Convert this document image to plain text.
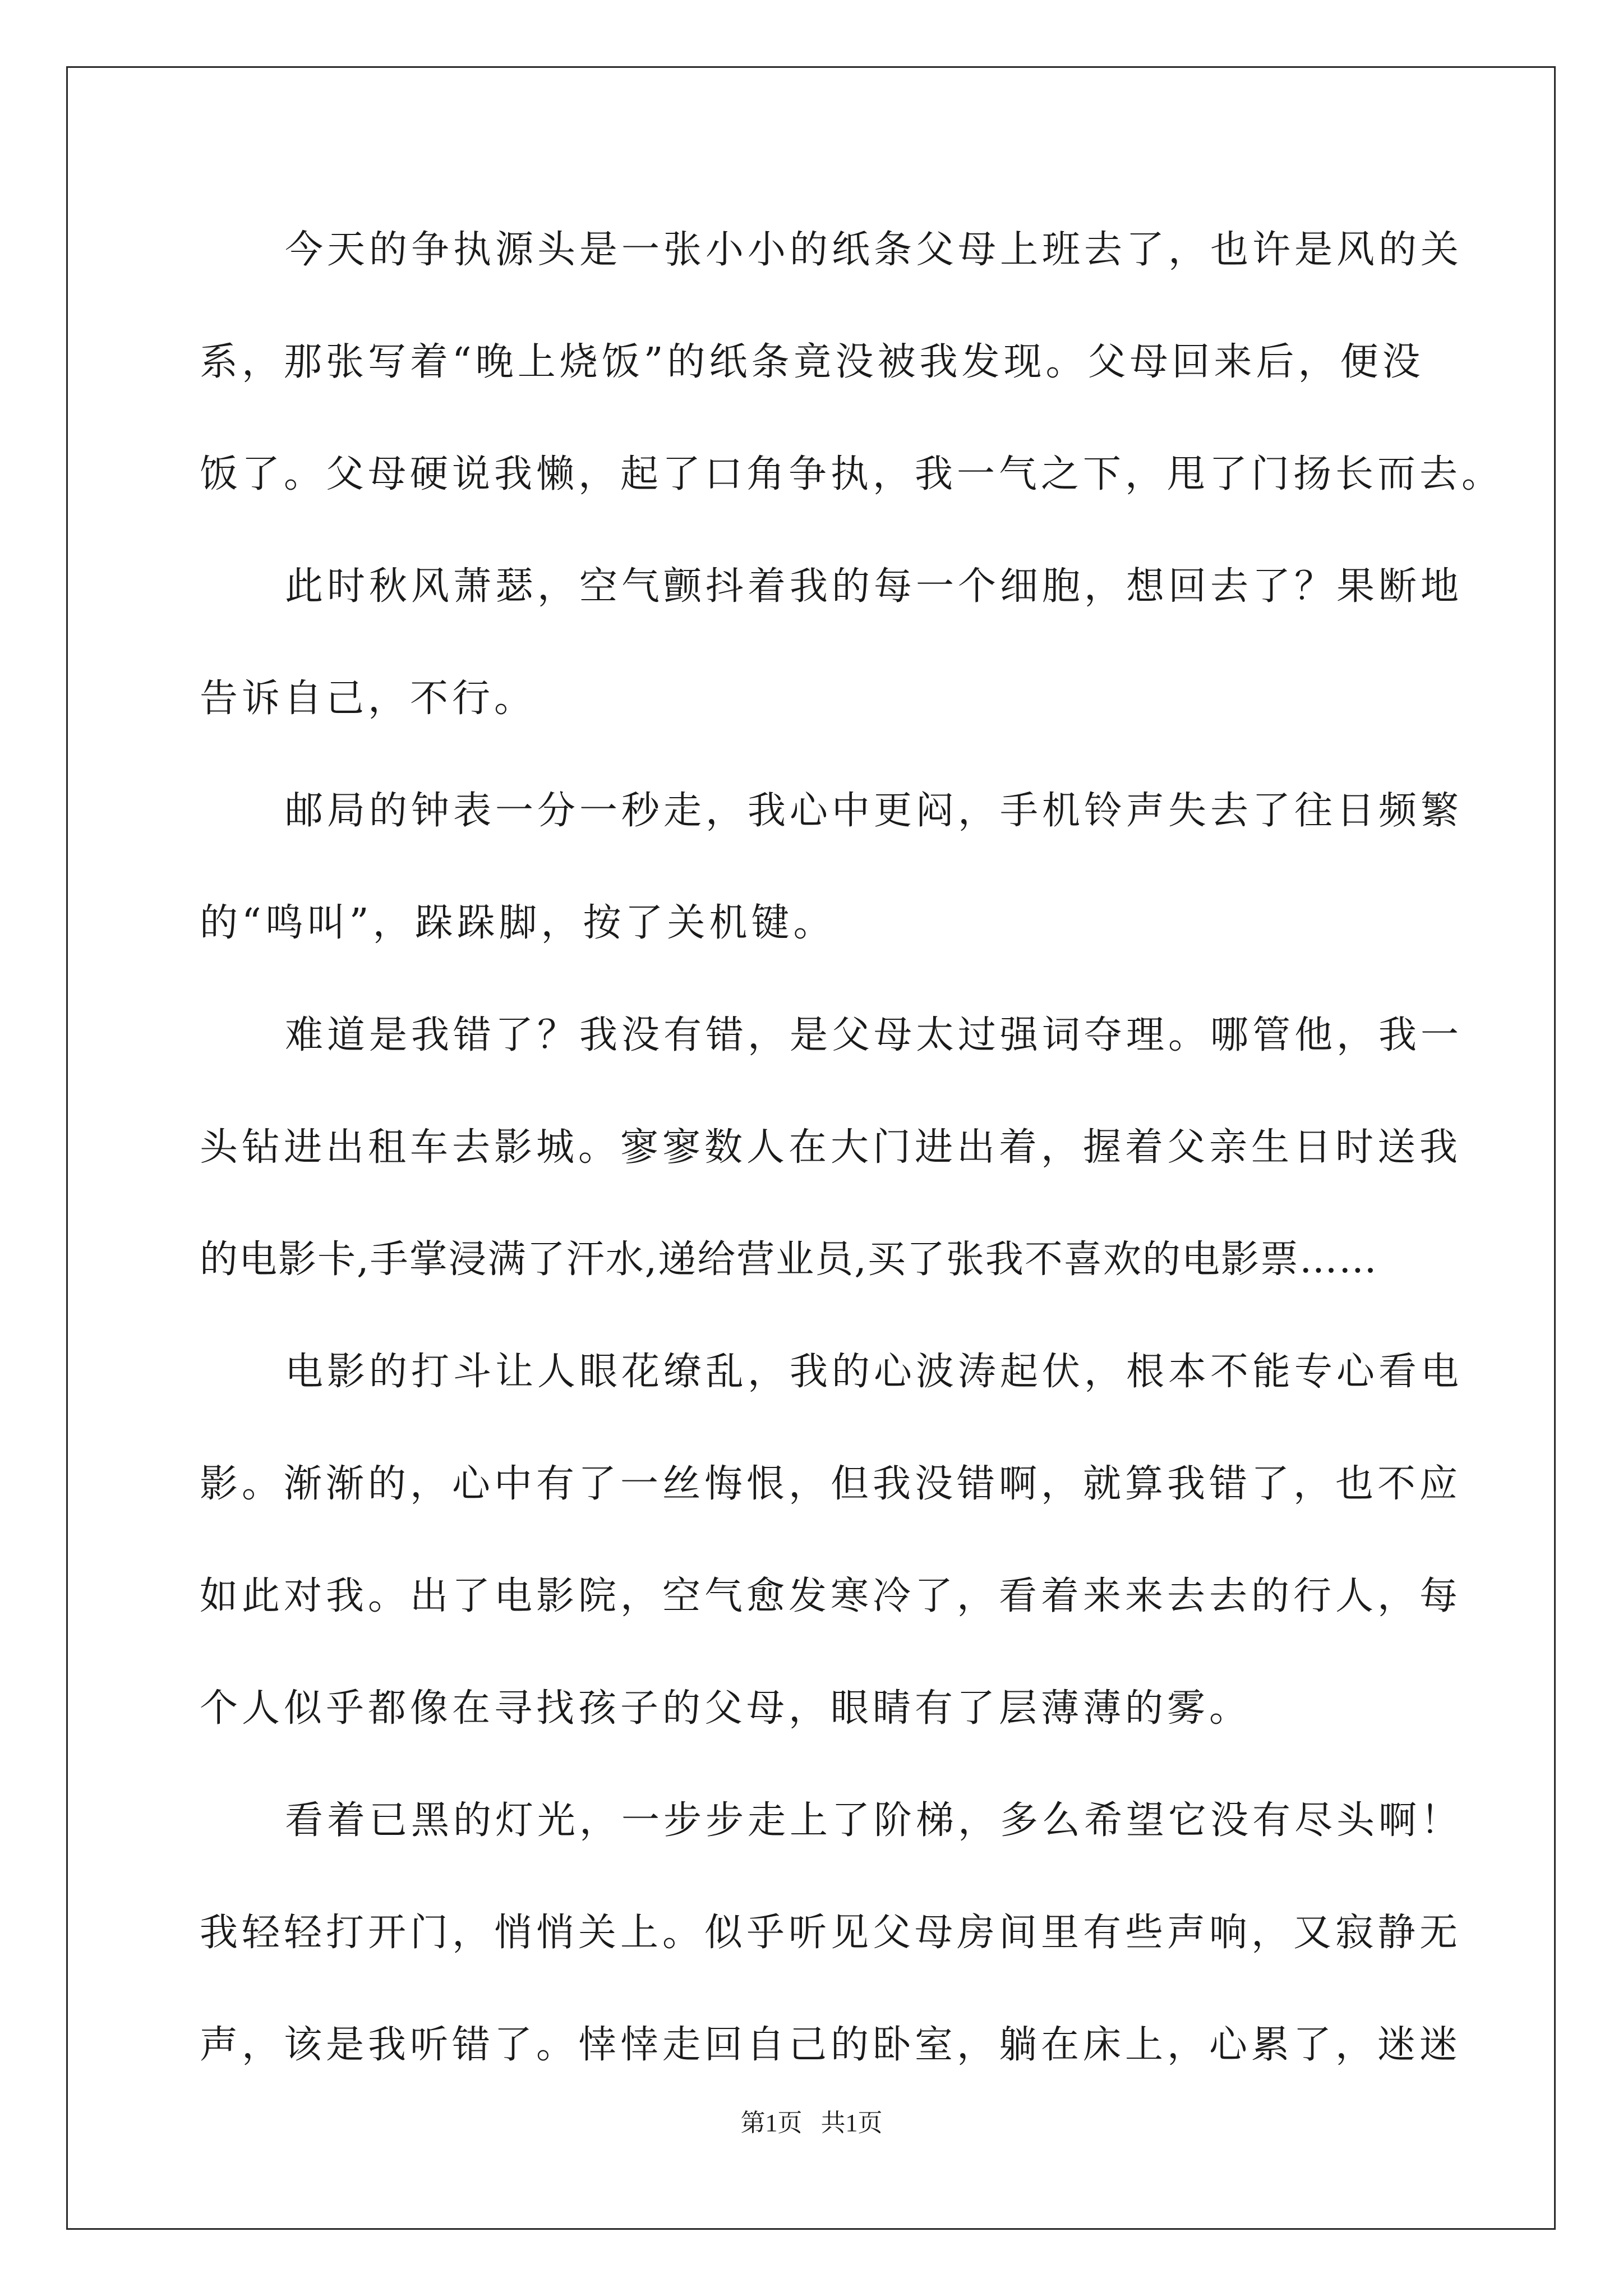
今天的争执源头是一张小小的纸条父母上班去了，也许是风的关
系，那张写着“晚上烧饭”的纸条竟没被我发现。父母回来后，便没
饭了。父母硬说我懒，起了口角争执，我一气之下，甩了门扬长而去。
此时秋风萧瑟，空气颤抖着我的每一个细胞，想回去了？果断地
告诉自己，不行。
邮局的钟表一分一秒走，我心中更闷，手机铃声失去了往日频繁
的“鸣叫”，跺跺脚，按了关机键。
难道是我错了？我没有错，是父母太过强词夺理。哪管他，我一
头钻进出租车去影城。寥寥数人在大门进出着，握着父亲生日时送我
的电影卡,手掌浸满了汗水,递给营业员,买了张我不喜欢的电影票……
电影的打斗让人眼花缭乱，我的心波涛起伏，根本不能专心看电
影。渐渐的，心中有了一丝悔恨，但我没错啊，就算我错了，也不应
如此对我。出了电影院，空气愈发寒冷了，看着来来去去的行人，每
个人似乎都像在寻找孩子的父母，眼睛有了层薄薄的雾。
看着已黑的灯光，一步步走上了阶梯，多么希望它没有尽头啊！
我轻轻打开门，悄悄关上。似乎听见父母房间里有些声响，又寂静无
声，该是我听错了。悻悻走回自己的卧室，躺在床上，心累了，迷迷
第1页   共1页
